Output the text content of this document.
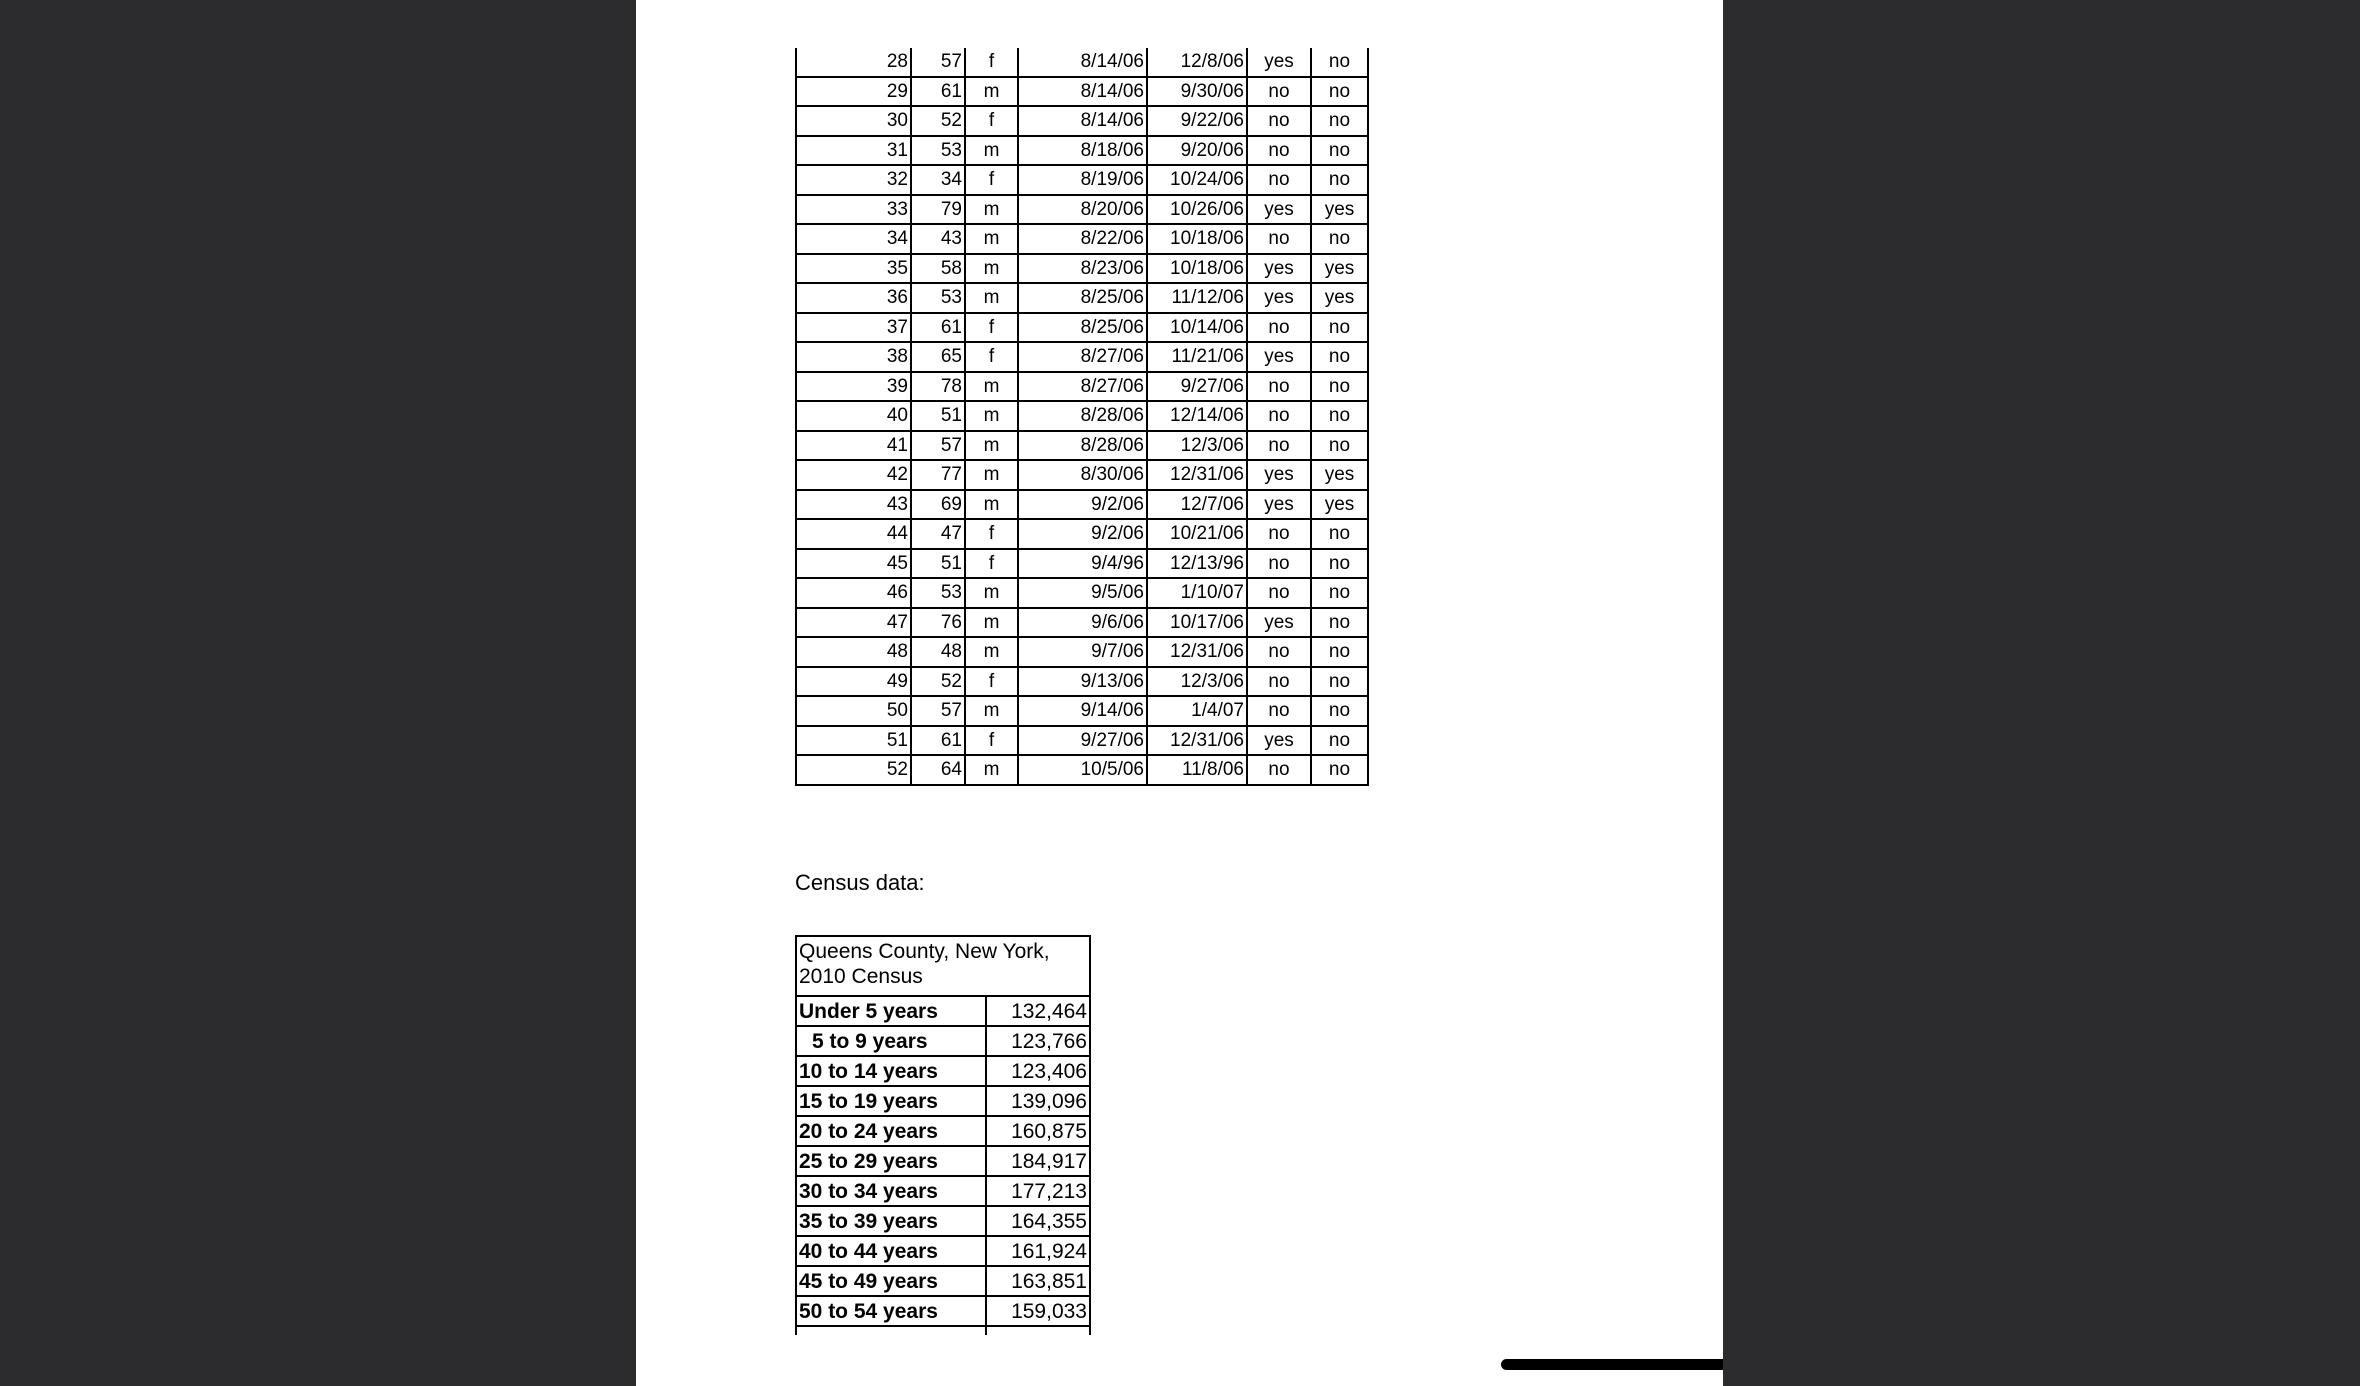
28	57	f	8/14/06	12/8/06	yes	no
29	61	m	8/14/06	9/30/06	no	no
30	52	f	8/14/06	9/22/06	no	no
31	53	m	8/18/06	9/20/06	no	no
32	34	f	8/19/06	10/24/06	no	no
33	79	m	8/20/06	10/26/06	yes	yes
34	43	m	8/22/06	10/18/06	no	no
35	58	m	8/23/06	10/18/06	yes	yes
36	53	m	8/25/06	11/12/06	yes	yes
37	61	f	8/25/06	10/14/06	no	no
38	65	f	8/27/06	11/21/06	yes	no
39	78	m	8/27/06	9/27/06	no	no
40	51	m	8/28/06	12/14/06	no	no
41	57	m	8/28/06	12/3/06	no	no
42	77	m	8/30/06	12/31/06	yes	yes
43	69	m	9/2/06	12/7/06	yes	yes
44	47	f	9/2/06	10/21/06	no	no
45	51	f	9/4/96	12/13/96	no	no
46	53	m	9/5/06	1/10/07	no	no
47	76	m	9/6/06	10/17/06	yes	no
48	48	m	9/7/06	12/31/06	no	no
49	52	f	9/13/06	12/3/06	no	no
50	57	m	9/14/06	1/4/07	no	no
51	61	f	9/27/06	12/31/06	yes	no
52	64	m	10/5/06	11/8/06	no	no
Census data:
Queens County, New York, 2010 Census	
Under 5 years	132,464
5 to 9 years	123,766
10 to 14 years	123,406
15 to 19 years	139,096
20 to 24 years	160,875
25 to 29 years	184,917
30 to 34 years	177,213
35 to 39 years	164,355
40 to 44 years	161,924
45 to 49 years	163,851
50 to 54 years	159,033
